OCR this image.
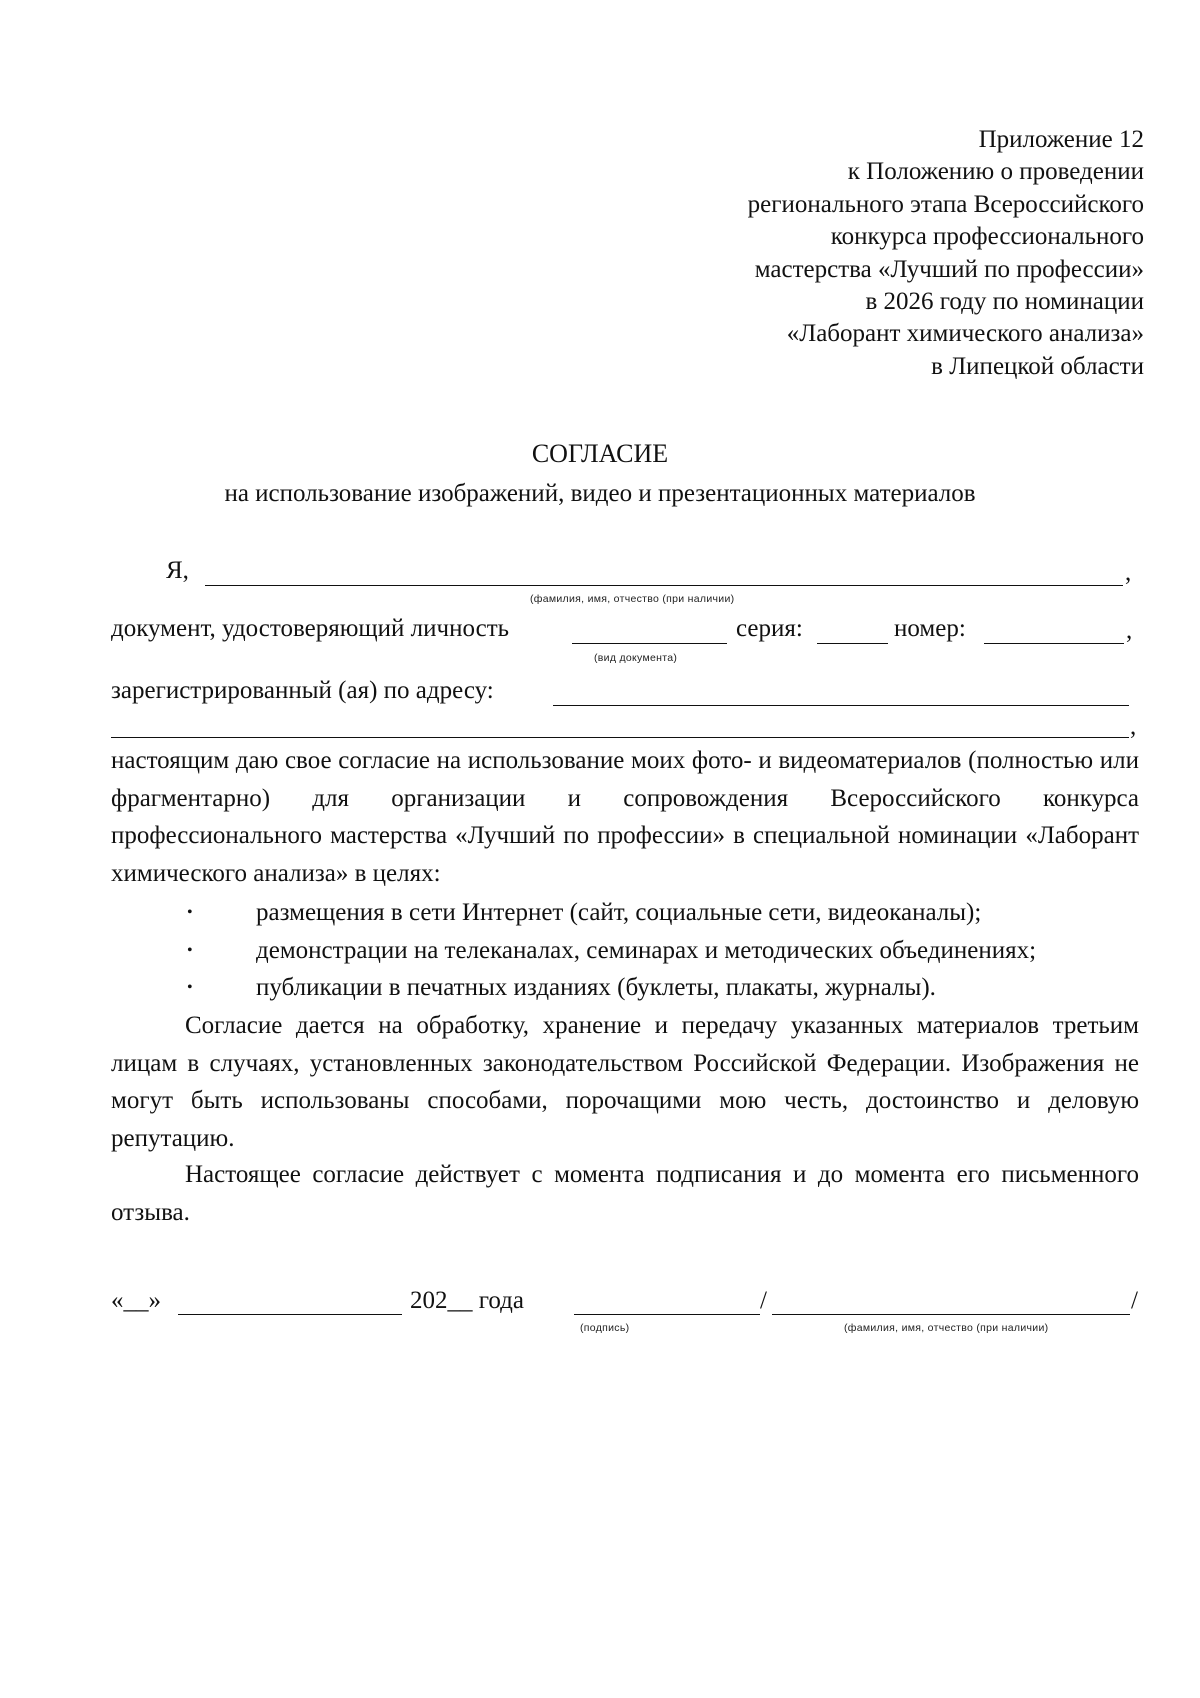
Приложение 12
к Положению о проведении
регионального этапа Всероссийского
конкурса профессионального
мастерства «Лучший по профессии»
в 2026 году по номинации
«Лаборант химического анализа»
в Липецкой области
СОГЛАСИЕ
на использование изображений, видео и презентационных материалов
Я,	,
(фамилия, имя, отчество (при наличии)
документ, удостоверяющий личность	серия:	номер:	,
(вид документа)
зарегистрированный (ая) по адресу:
,
настоящим даю свое согласие на использование моих фото- и видеоматериалов (полностью или фрагментарно) для организации и сопровождения Всероссийского конкурса профессионального мастерства «Лучший по профессии» в специальной номинации «Лаборант химического анализа» в целях:
•	размещения в сети Интернет (сайт, социальные сети, видеоканалы);
•	демонстрации на телеканалах, семинарах и методических объединениях;
•	публикации в печатных изданиях (буклеты, плакаты, журналы).
Согласие дается на обработку, хранение и передачу указанных материалов третьим лицам в случаях, установленных законодательством Российской Федерации. Изображения не могут быть использованы способами, порочащими мою честь, достоинство и деловую репутацию.
Настоящее согласие действует с момента подписания и до момента его письменного отзыва.
«__»	202__ года	/	/
(подпись)	(фамилия, имя, отчество (при наличии)
